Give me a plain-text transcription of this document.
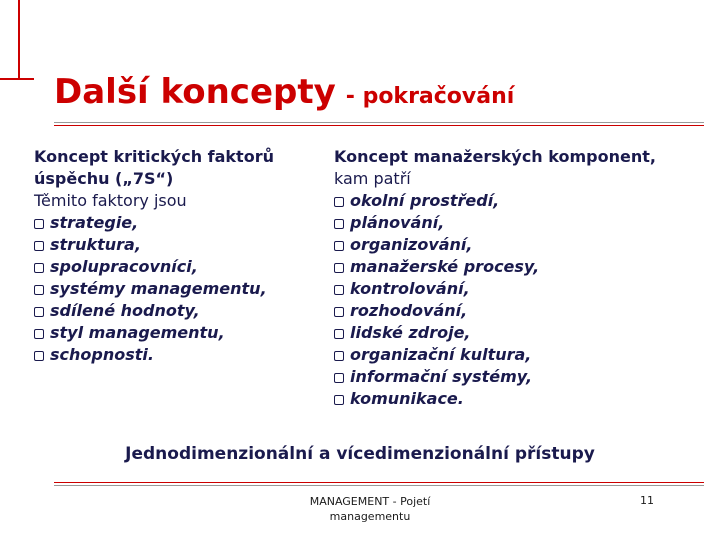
Další koncepty - pokračování
Koncept kritických faktorů
úspěchu („7S“)
Těmito faktory jsou
strategie,
struktura,
spolupracovníci,
systémy managementu,
sdílené hodnoty,
styl managementu,
schopnosti.
Koncept manažerských komponent,
kam patří
okolní prostředí,
plánování,
organizování,
manažerské procesy,
kontrolování,
rozhodování,
lidské zdroje,
organizační kultura,
informační systémy,
komunikace.
Jednodimenzionální a vícedimenzionální přístupy
MANAGEMENT - Pojetí
managementu
11
